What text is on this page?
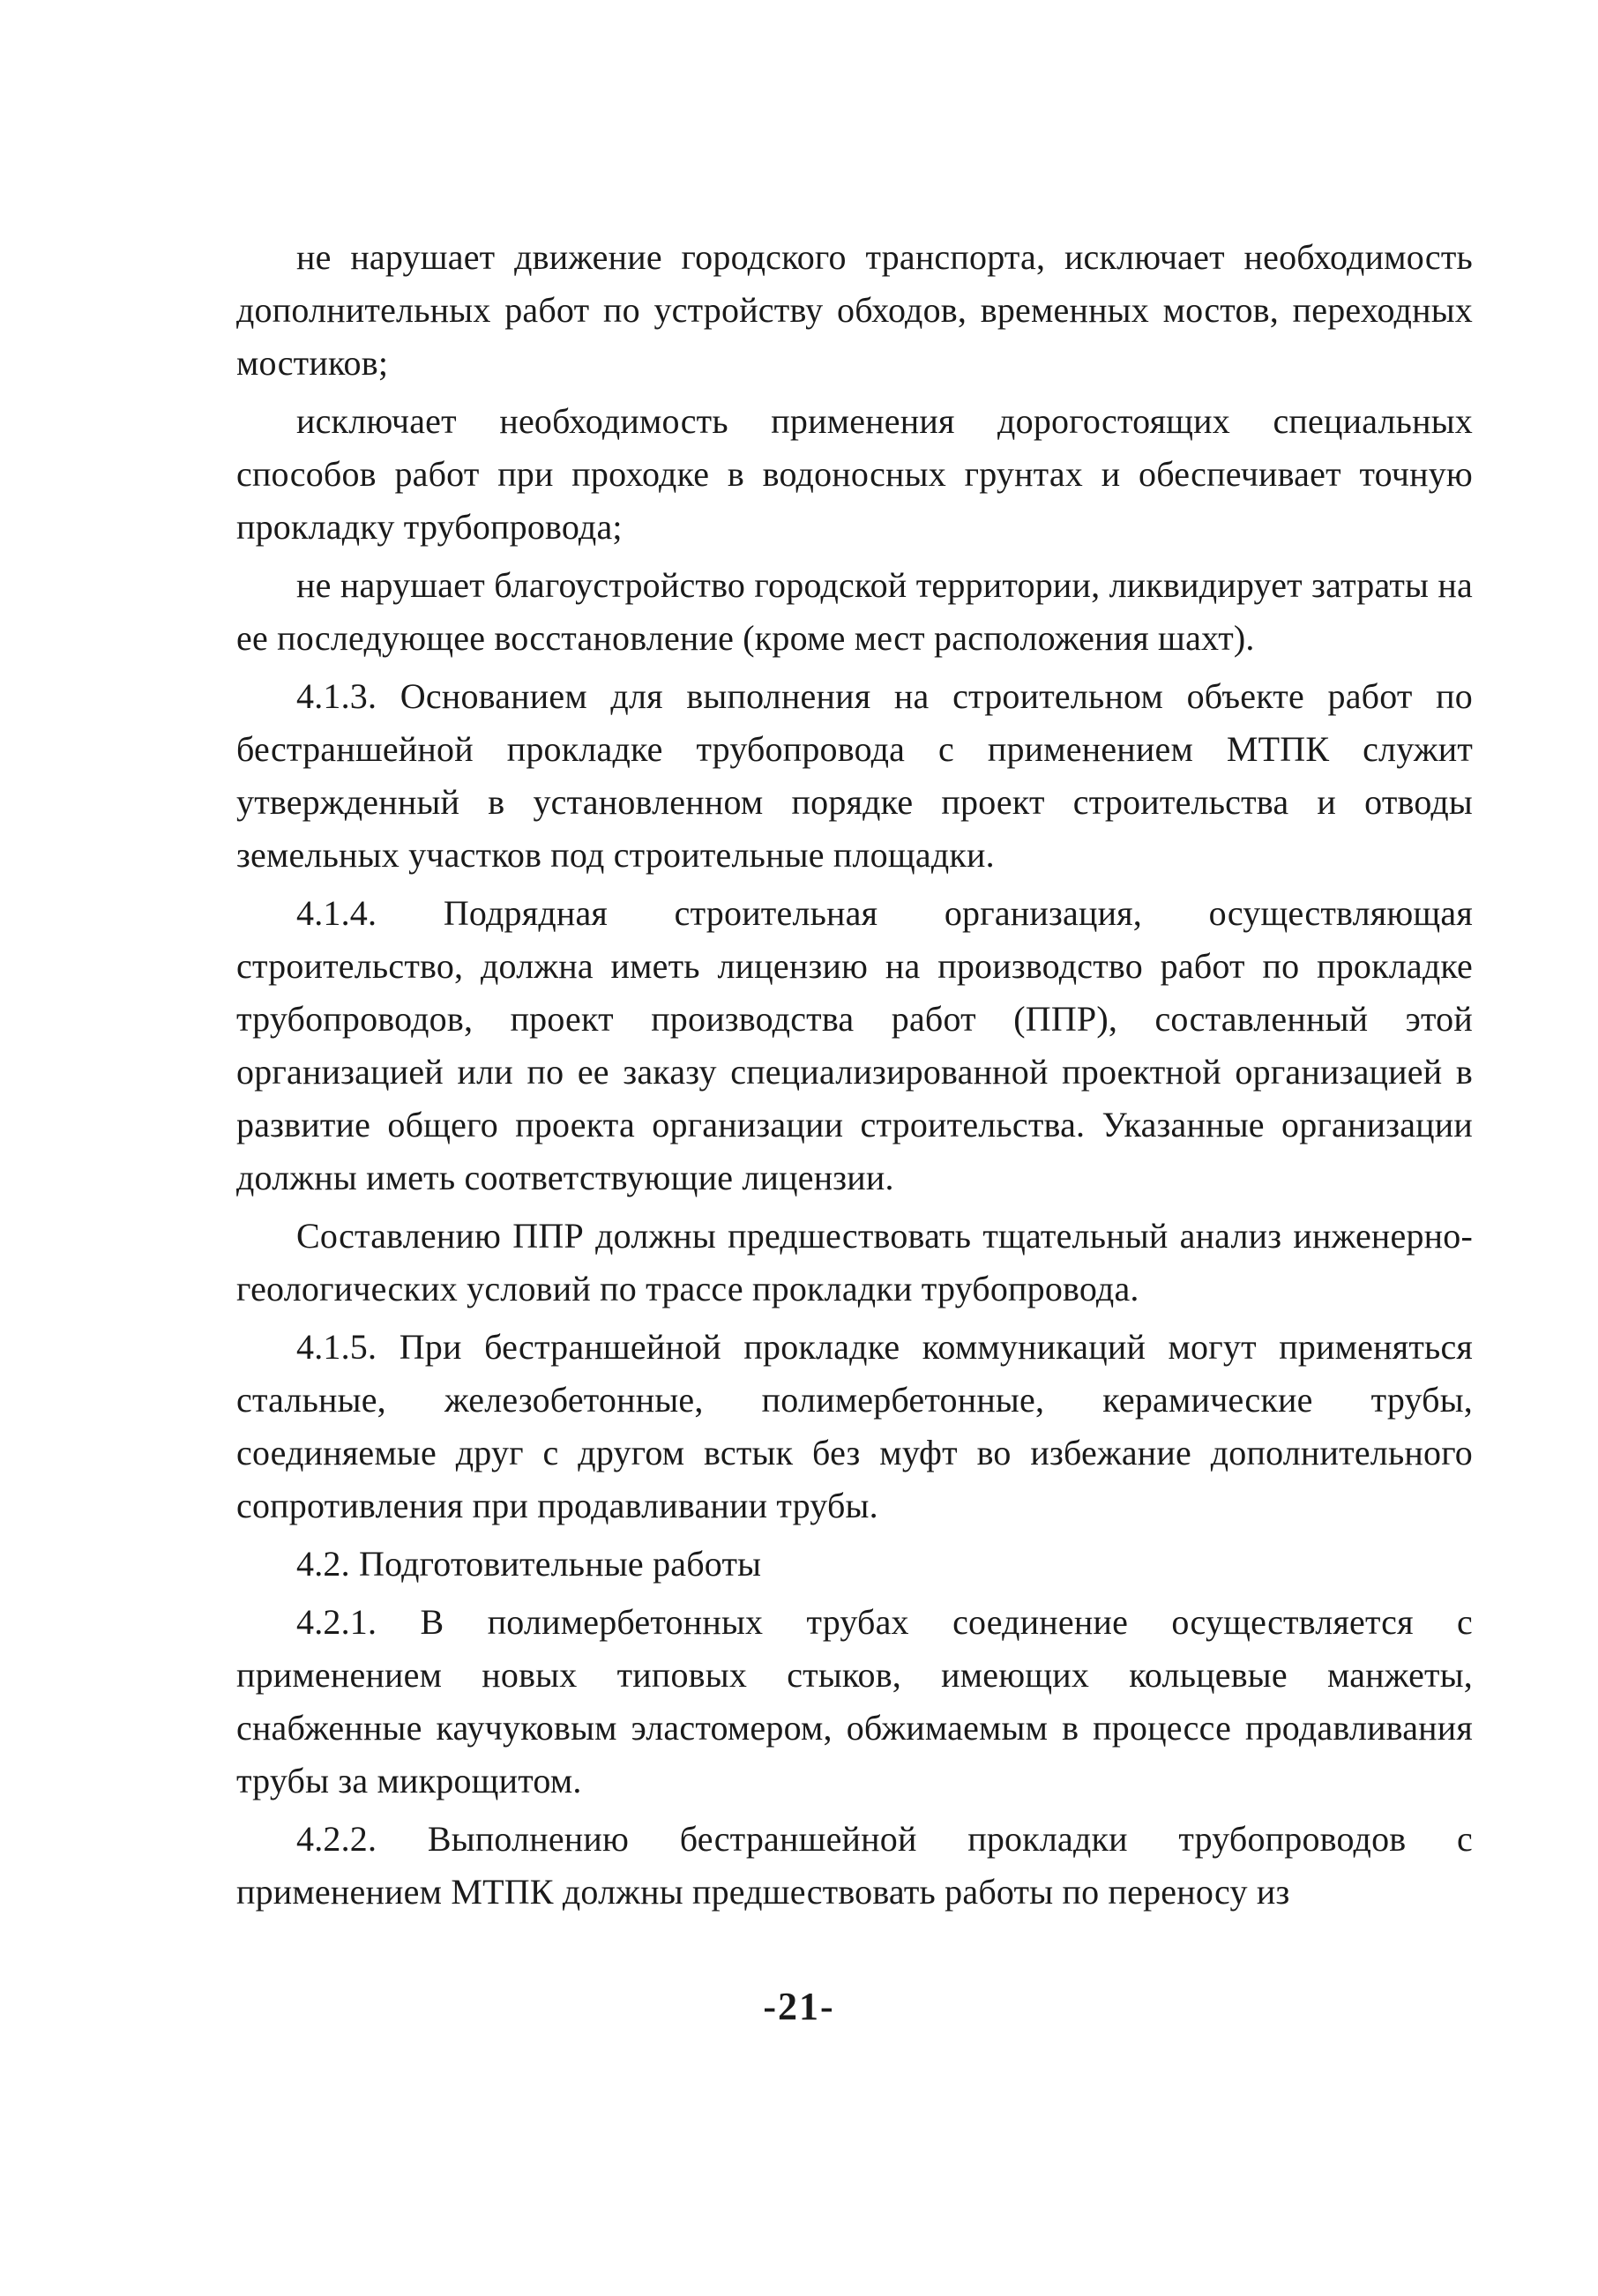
не нарушает движение городского транспорта, исключает необходимость дополнительных работ по устройству обходов, временных мостов, переходных мостиков;

исключает необходимость применения дорогостоящих специальных способов работ при проходке в водоносных грунтах и обеспечивает точную прокладку трубопровода;

не нарушает благоустройство городской территории, ликвидирует затраты на ее последующее восстановление (кроме мест расположения шахт).

4.1.3. Основанием для выполнения на строительном объекте работ по бестраншейной прокладке трубопровода с применением МТПК служит утвержденный в установленном порядке проект строительства и отводы земельных участков под строительные площадки.

4.1.4. Подрядная строительная организация, осуществляющая строительство, должна иметь лицензию на производство работ по прокладке трубопроводов, проект производства работ (ППР), составленный этой организацией или по ее заказу специализированной проектной организацией в развитие общего проекта организации строительства. Указанные организации должны иметь соответствующие лицензии.

Составлению ППР должны предшествовать тщательный анализ инженерно-геологических условий по трассе прокладки трубопровода.

4.1.5. При бестраншейной прокладке коммуникаций могут применяться стальные, железобетонные, полимербетонные, керамические трубы, соединяемые друг с другом встык без муфт во избежание дополнительного сопротивления при продавливании трубы.

4.2. Подготовительные работы

4.2.1. В полимербетонных трубах соединение осуществляется с применением новых типовых стыков, имеющих кольцевые манжеты, снабженные каучуковым эластомером, обжимаемым в процессе продавливания трубы за микрощитом.

4.2.2. Выполнению бестраншейной прокладки трубопроводов с применением МТПК должны предшествовать работы по переносу из

-21-
